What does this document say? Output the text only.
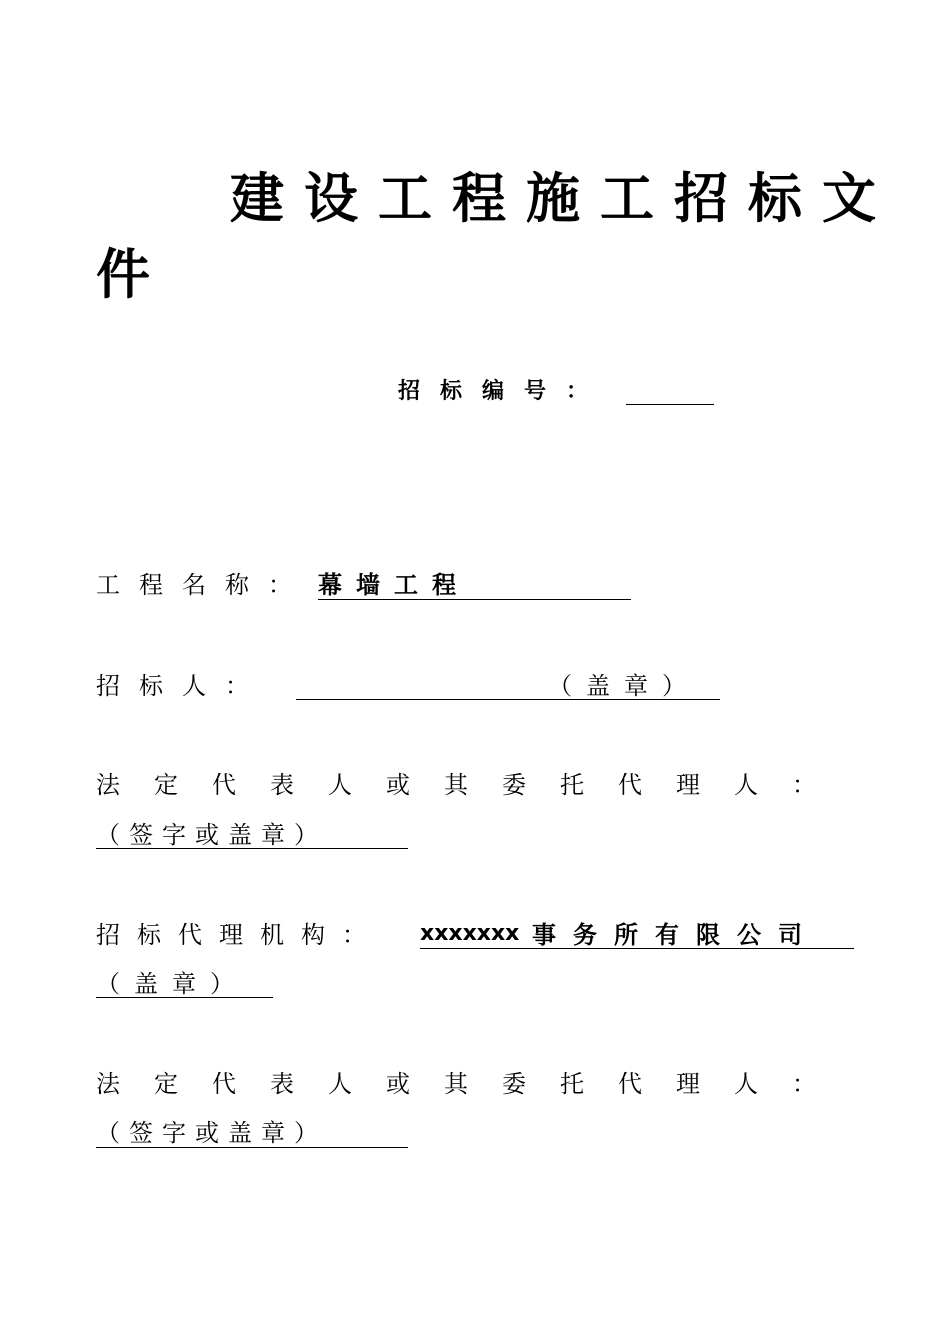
建设工程施工招标文
件
招标编号：
工程名称： 幕墙工程
招标人：	（盖章）
法定代表人或其委托代理人：
（签字或盖章）
招标代理机构： xxxxxxx 事务所有限公司
（盖章）
法定代表人或其委托代理人：
（签字或盖章）
